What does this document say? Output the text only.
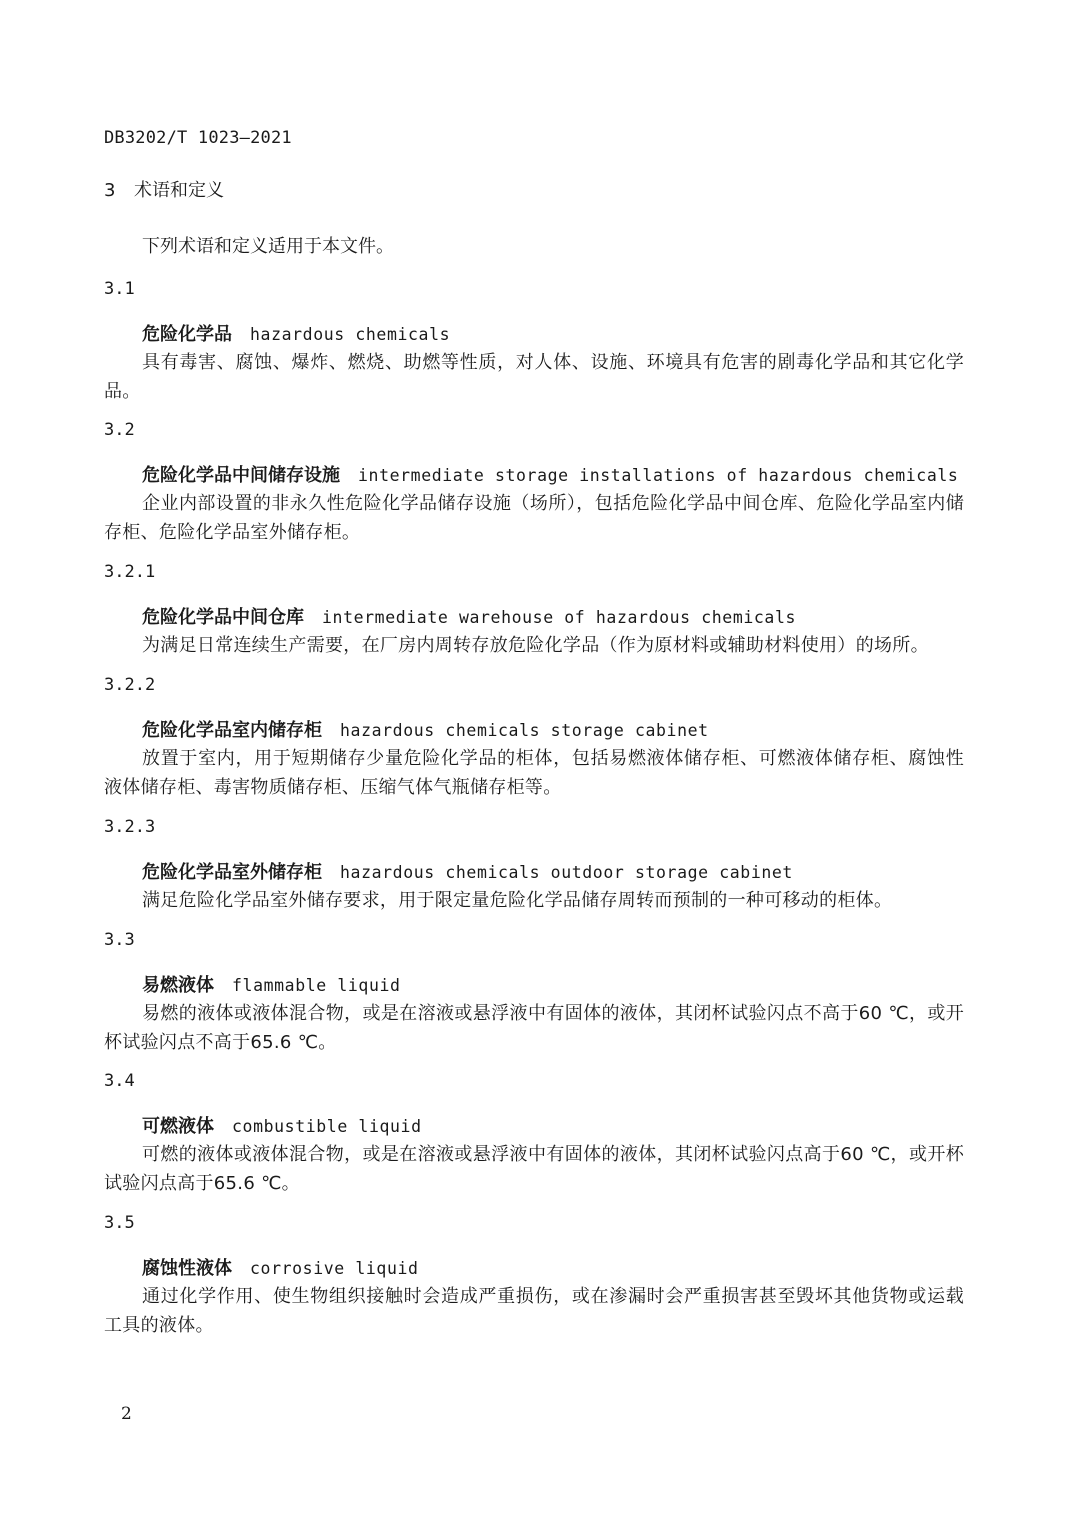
DB3202/T 1023—2021
3 术语和定义
下列术语和定义适用于本文件。
3.1
危险化学品 hazardous chemicals
具有毒害、腐蚀、爆炸、燃烧、助燃等性质，对人体、设施、环境具有危害的剧毒化学品和其它化学品。
3.2
危险化学品中间储存设施 intermediate storage installations of hazardous chemicals
企业内部设置的非永久性危险化学品储存设施（场所），包括危险化学品中间仓库、危险化学品室内储存柜、危险化学品室外储存柜。
3.2.1
危险化学品中间仓库 intermediate warehouse of hazardous chemicals
为满足日常连续生产需要，在厂房内周转存放危险化学品（作为原材料或辅助材料使用）的场所。
3.2.2
危险化学品室内储存柜 hazardous chemicals storage cabinet
放置于室内，用于短期储存少量危险化学品的柜体，包括易燃液体储存柜、可燃液体储存柜、腐蚀性液体储存柜、毒害物质储存柜、压缩气体气瓶储存柜等。
3.2.3
危险化学品室外储存柜 hazardous chemicals outdoor storage cabinet
满足危险化学品室外储存要求，用于限定量危险化学品储存周转而预制的一种可移动的柜体。
3.3
易燃液体 flammable liquid
易燃的液体或液体混合物，或是在溶液或悬浮液中有固体的液体，其闭杯试验闪点不高于60 ℃，或开杯试验闪点不高于65.6 ℃。
3.4
可燃液体 combustible liquid
可燃的液体或液体混合物，或是在溶液或悬浮液中有固体的液体，其闭杯试验闪点高于60 ℃，或开杯试验闪点高于65.6 ℃。
3.5
腐蚀性液体 corrosive liquid
通过化学作用、使生物组织接触时会造成严重损伤，或在渗漏时会严重损害甚至毁坏其他货物或运载工具的液体。
2
